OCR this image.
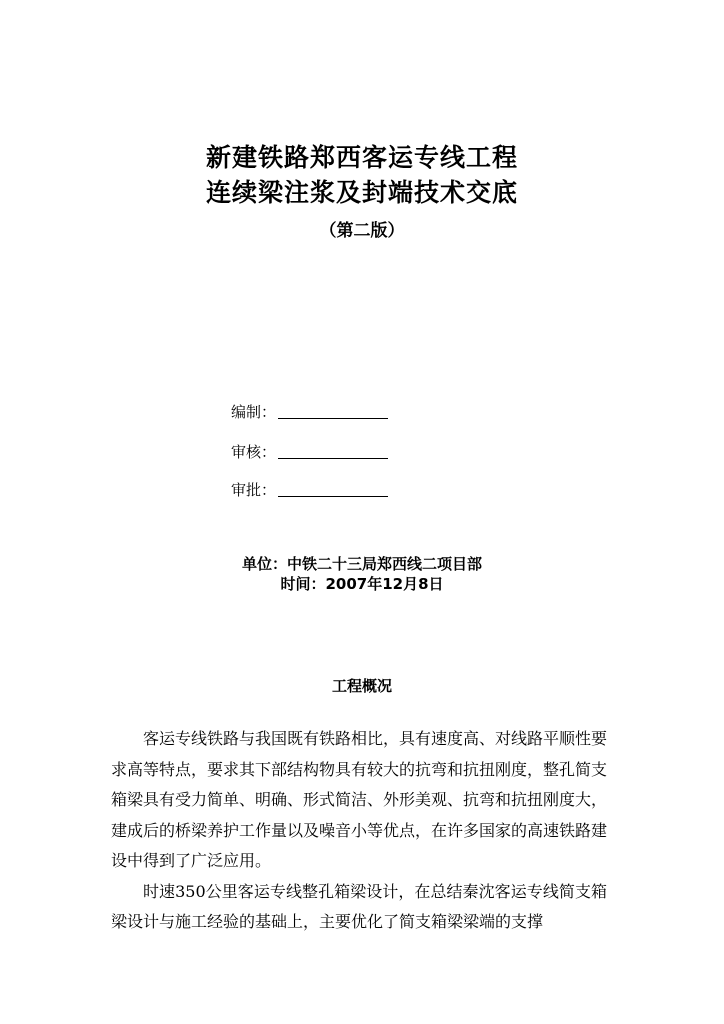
新建铁路郑西客运专线工程
连续梁注浆及封端技术交底
（第二版）
编制：
审核：
审批：
单位：中铁二十三局郑西线二项目部
时间：2007年12月8日
工程概况

客运专线铁路与我国既有铁路相比，具有速度高、对线路平顺性要求高等特点，要求其下部结构物具有较大的抗弯和抗扭刚度，整孔简支箱梁具有受力简单、明确、形式简洁、外形美观、抗弯和抗扭刚度大，建成后的桥梁养护工作量以及噪音小等优点，在许多国家的高速铁路建设中得到了广泛应用。

时速350公里客运专线整孔箱梁设计，在总结秦沈客运专线简支箱梁设计与施工经验的基础上，主要优化了简支箱梁梁端的支撑
